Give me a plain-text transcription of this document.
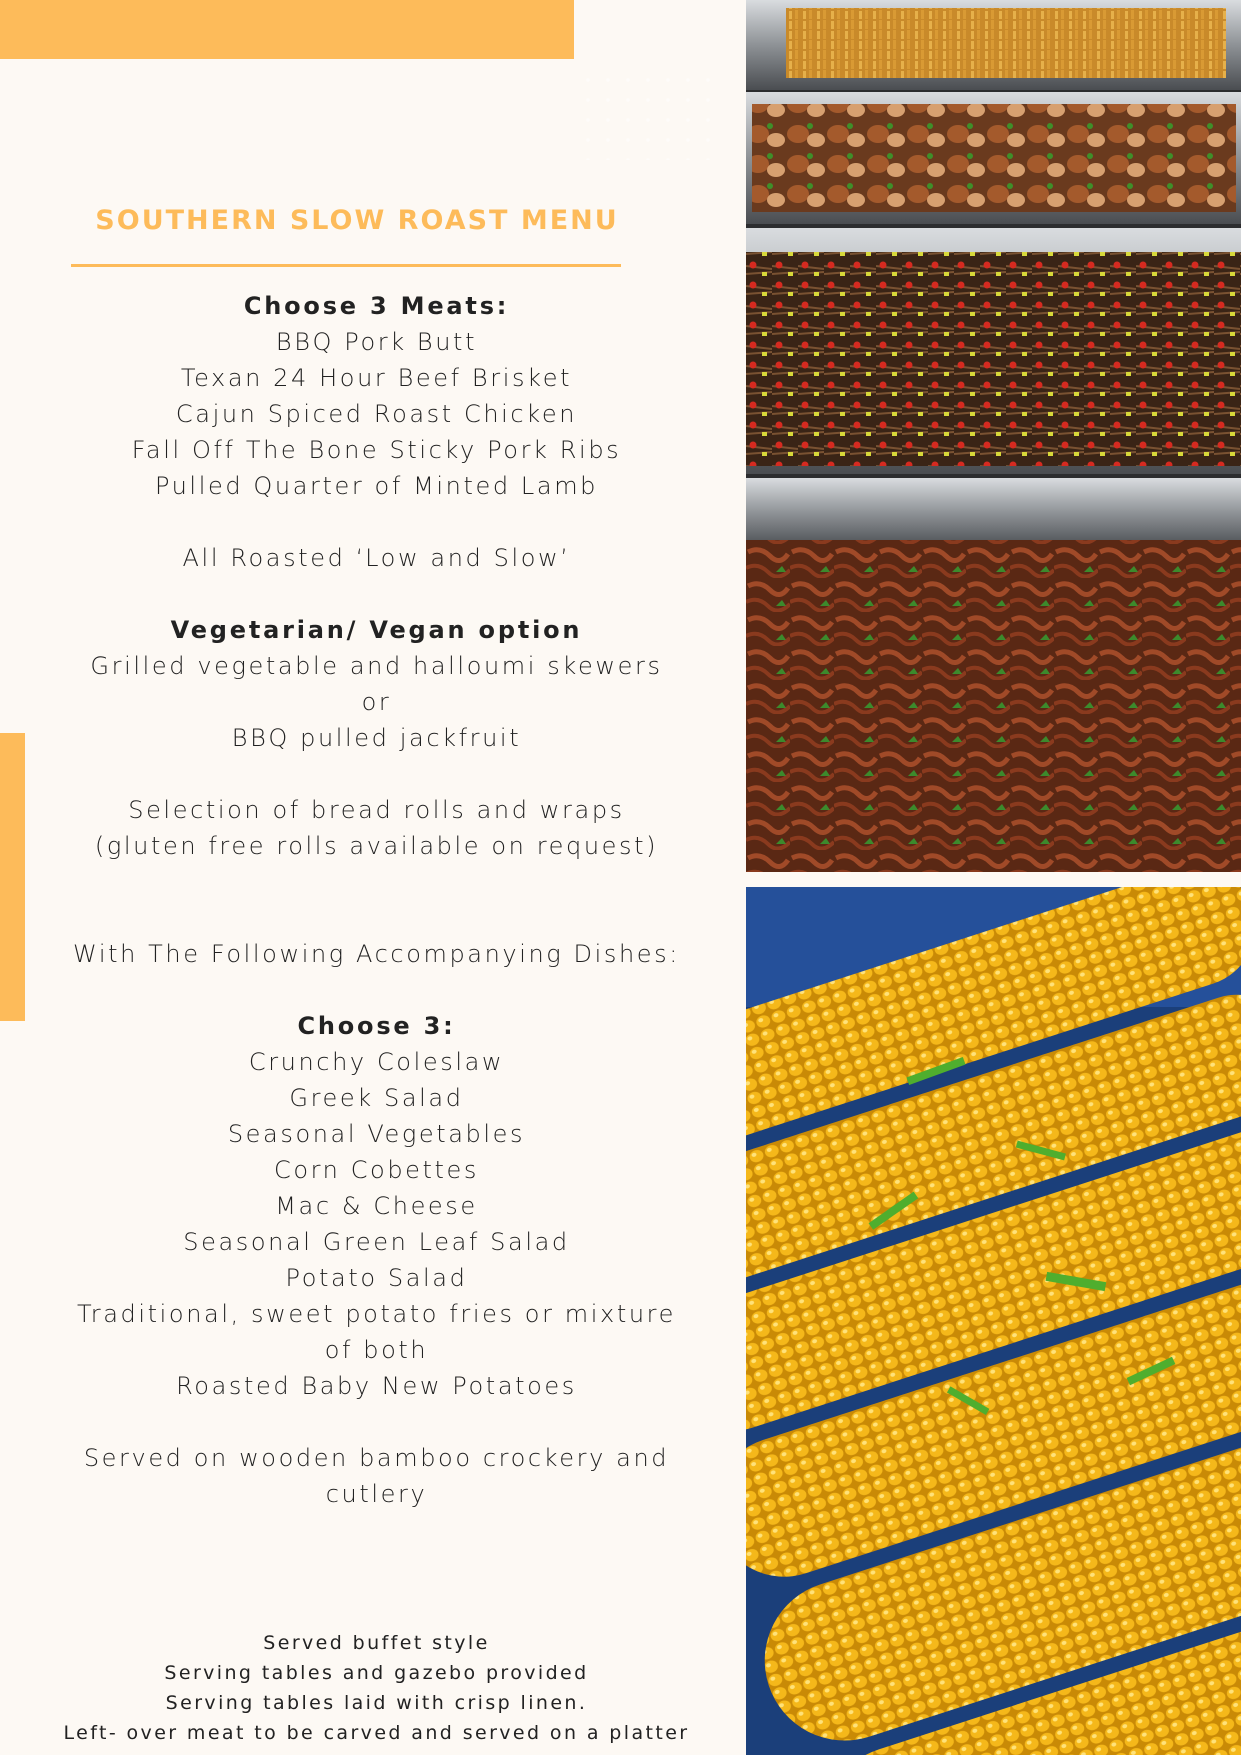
SOUTHERN SLOW ROAST MENU
Choose 3 Meats:
BBQ Pork Butt
Texan 24 Hour Beef Brisket
Cajun Spiced Roast Chicken
Fall Off The Bone Sticky Pork Ribs
Pulled Quarter of Minted Lamb
All Roasted ‘Low and Slow’
Vegetarian/ Vegan option
Grilled vegetable and halloumi skewers
or
BBQ pulled jackfruit
Selection of bread rolls and wraps
(gluten free rolls available on request)
With The Following Accompanying Dishes:
Choose 3:
Crunchy Coleslaw
Greek Salad
Seasonal Vegetables
Corn Cobettes
Mac & Cheese
Seasonal Green Leaf Salad
Potato Salad
Traditional, sweet potato fries or mixture
of both
Roasted Baby New Potatoes
Served on wooden bamboo crockery and
cutlery
Served buffet style
Serving tables and gazebo provided
Serving tables laid with crisp linen.
Left- over meat to be carved and served on a platter
